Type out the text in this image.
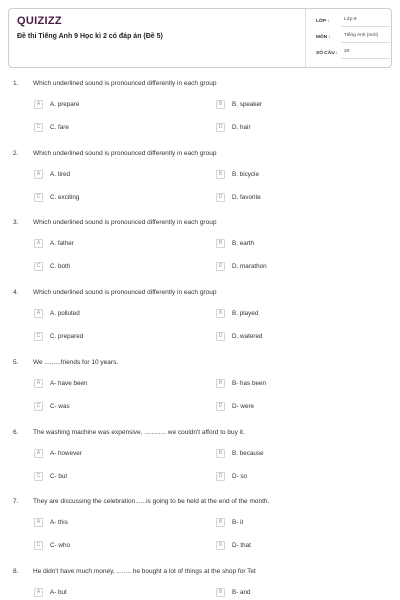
QUIZIZZ
Đề thi Tiếng Anh 9 Học kì 2 có đáp án (Đề 5)
LỚP :	Lớp 9
MÔN :	Tiếng Anh (mới)
SỐ CÂU :	20
1. Which underlined sound is pronounced differently in each group
A	A. prepare	B	B. speaker
C	C. fare	D	D. hair
2. Which underlined sound is pronounced differently in each group
A	A. tired	B	B. bicycle
C	C. exciting	D	D. favorite
3. Which underlined sound is pronounced differently in each group
A	A. father	B	B. earth
C	C. both	D	D. marathon
4. Which underlined sound is pronounced differently in each group
A	A. polluted	B	B. played
C	C. prepared	D	D. watered
5. We .........friends for 10 years.
A	A- have been	B	B- has been
C	C- was	D	D- were
6. The washing machine was expensive, ............ we couldn't afford to buy it.
A	A- however	B	B. because
C	C- but	D	D- so
7. They are discussing the celebration......is going to be held at the end of the month.
A	A- this	B	B- it
C	C- who	D	D- that
8. He didn't have much money, ........ he bought a lot of things at the shop for Tet
A	A- but	B	B- and
